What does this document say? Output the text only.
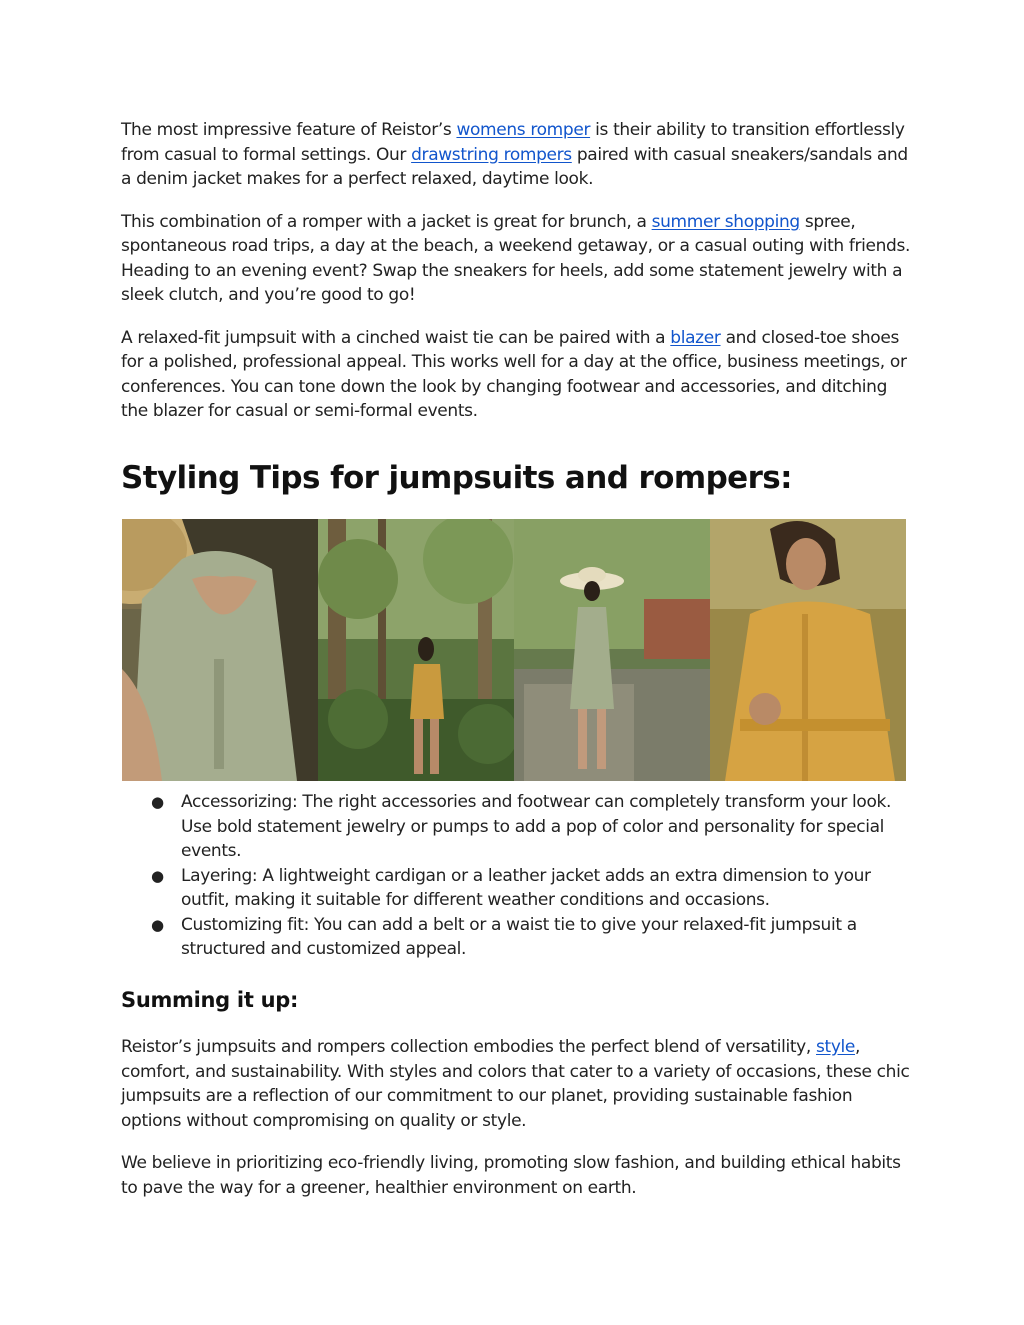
The most impressive feature of Reistor’s womens romper is their ability to transition effortlessly from casual to formal settings. Our drawstring rompers paired with casual sneakers/sandals and a denim jacket makes for a perfect relaxed, daytime look.

This combination of a romper with a jacket is great for brunch, a summer shopping spree, spontaneous road trips, a day at the beach, a weekend getaway, or a casual outing with friends. Heading to an evening event? Swap the sneakers for heels, add some statement jewelry with a sleek clutch, and you’re good to go!

A relaxed-fit jumpsuit with a cinched waist tie can be paired with a blazer and closed-toe shoes for a polished, professional appeal. This works well for a day at the office, business meetings, or conferences. You can tone down the look by changing footwear and accessories, and ditching the blazer for casual or semi-formal events.

Styling Tips for jumpsuits and rompers:
● Accessorizing: The right accessories and footwear can completely transform your look. Use bold statement jewelry or pumps to add a pop of color and personality for special events.
● Layering: A lightweight cardigan or a leather jacket adds an extra dimension to your outfit, making it suitable for different weather conditions and occasions.
● Customizing fit: You can add a belt or a waist tie to give your relaxed-fit jumpsuit a structured and customized appeal.
Summing it up:

Reistor’s jumpsuits and rompers collection embodies the perfect blend of versatility, style, comfort, and sustainability. With styles and colors that cater to a variety of occasions, these chic jumpsuits are a reflection of our commitment to our planet, providing sustainable fashion options without compromising on quality or style.

We believe in prioritizing eco-friendly living, promoting slow fashion, and building ethical habits to pave the way for a greener, healthier environment on earth.
